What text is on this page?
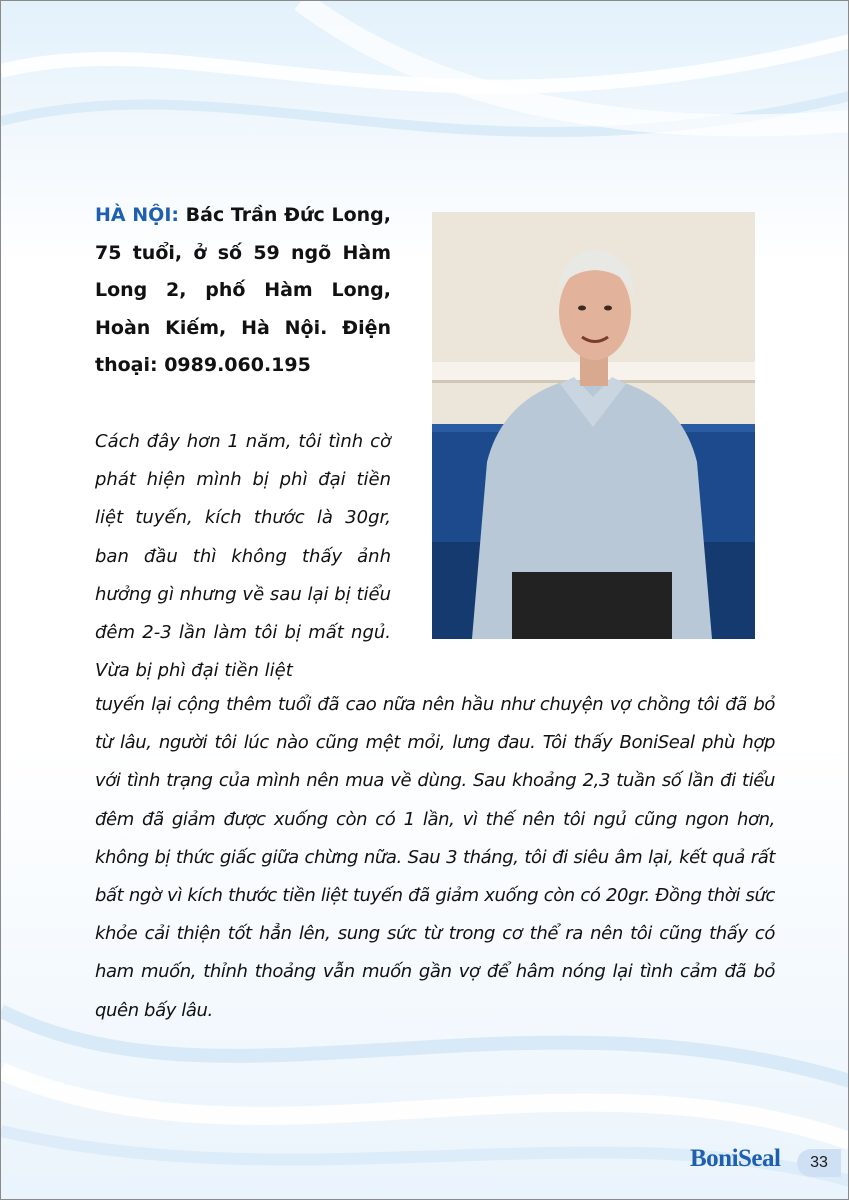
HÀ NỘI: Bác Trần Đức Long, 75 tuổi, ở số 59 ngõ Hàm Long 2, phố Hàm Long, Hoàn Kiếm, Hà Nội. Điện thoại: 0989.060.195
Cách đây hơn 1 năm, tôi tình cờ phát hiện mình bị phì đại tiền liệt tuyến, kích thước là 30gr, ban đầu thì không thấy ảnh hưởng gì nhưng về sau lại bị tiểu đêm 2-3 lần làm tôi bị mất ngủ. Vừa bị phì đại tiền liệt
tuyến lại cộng thêm tuổi đã cao nữa nên hầu như chuyện vợ chồng tôi đã bỏ từ lâu, người tôi lúc nào cũng mệt mỏi, lưng đau. Tôi thấy BoniSeal phù hợp với tình trạng của mình nên mua về dùng. Sau khoảng 2,3 tuần số lần đi tiểu đêm đã giảm được xuống còn có 1 lần, vì thế nên tôi ngủ cũng ngon hơn, không bị thức giấc giữa chừng nữa. Sau 3 tháng, tôi đi siêu âm lại, kết quả rất bất ngờ vì kích thước tiền liệt tuyến đã giảm xuống còn có 20gr. Đồng thời sức khỏe cải thiện tốt hẳn lên, sung sức từ trong cơ thể ra nên tôi cũng thấy có ham muốn, thỉnh thoảng vẫn muốn gần vợ để hâm nóng lại tình cảm đã bỏ quên bấy lâu.
BoniSeal	33
